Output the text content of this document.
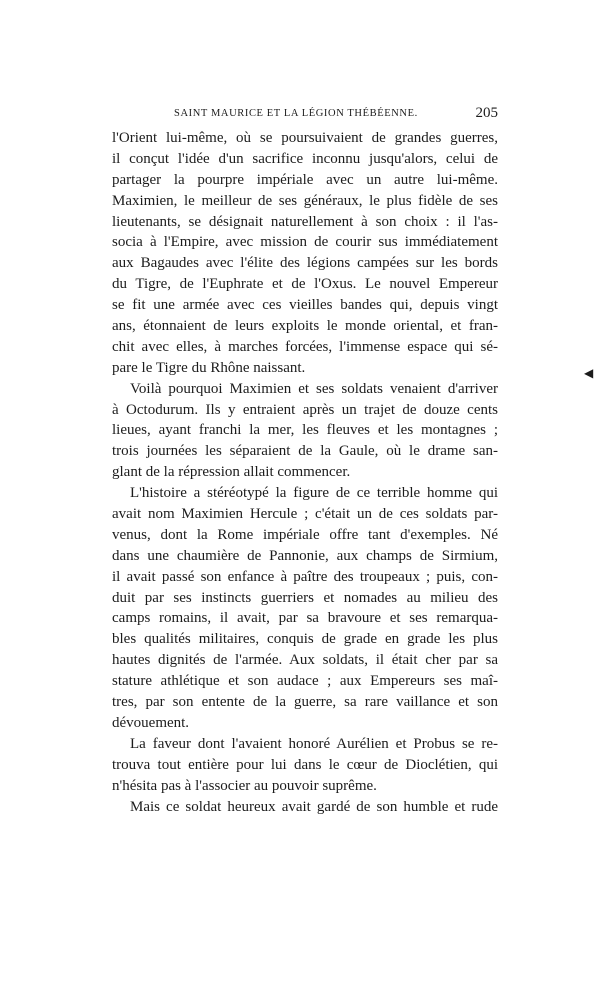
SAINT MAURICE ET LA LÉGION THÉBÉENNE.	205
l'Orient lui-même, où se poursuivaient de grandes guerres,
il conçut l'idée d'un sacrifice inconnu jusqu'alors, celui de
partager la pourpre impériale avec un autre lui-même.
Maximien, le meilleur de ses généraux, le plus fidèle de ses
lieutenants, se désignait naturellement à son choix : il l'as-
socia à l'Empire, avec mission de courir sus immédiatement
aux Bagaudes avec l'élite des légions campées sur les bords
du Tigre, de l'Euphrate et de l'Oxus. Le nouvel Empereur
se fit une armée avec ces vieilles bandes qui, depuis vingt
ans, étonnaient de leurs exploits le monde oriental, et fran-
chit avec elles, à marches forcées, l'immense espace qui sé-
pare le Tigre du Rhône naissant.
Voilà pourquoi Maximien et ses soldats venaient d'arriver
à Octodurum. Ils y entraient après un trajet de douze cents
lieues, ayant franchi la mer, les fleuves et les montagnes ;
trois journées les séparaient de la Gaule, où le drame san-
glant de la répression allait commencer.
L'histoire a stéréotypé la figure de ce terrible homme qui
avait nom Maximien Hercule ; c'était un de ces soldats par-
venus, dont la Rome impériale offre tant d'exemples. Né
dans une chaumière de Pannonie, aux champs de Sirmium,
il avait passé son enfance à paître des troupeaux ; puis, con-
duit par ses instincts guerriers et nomades au milieu des
camps romains, il avait, par sa bravoure et ses remarqua-
bles qualités militaires, conquis de grade en grade les plus
hautes dignités de l'armée. Aux soldats, il était cher par sa
stature athlétique et son audace ; aux Empereurs ses maî-
tres, par son entente de la guerre, sa rare vaillance et son
dévouement.
La faveur dont l'avaient honoré Aurélien et Probus se re-
trouva tout entière pour lui dans le cœur de Dioclétien, qui
n'hésita pas à l'associer au pouvoir suprême.
Mais ce soldat heureux avait gardé de son humble et rude
◀
